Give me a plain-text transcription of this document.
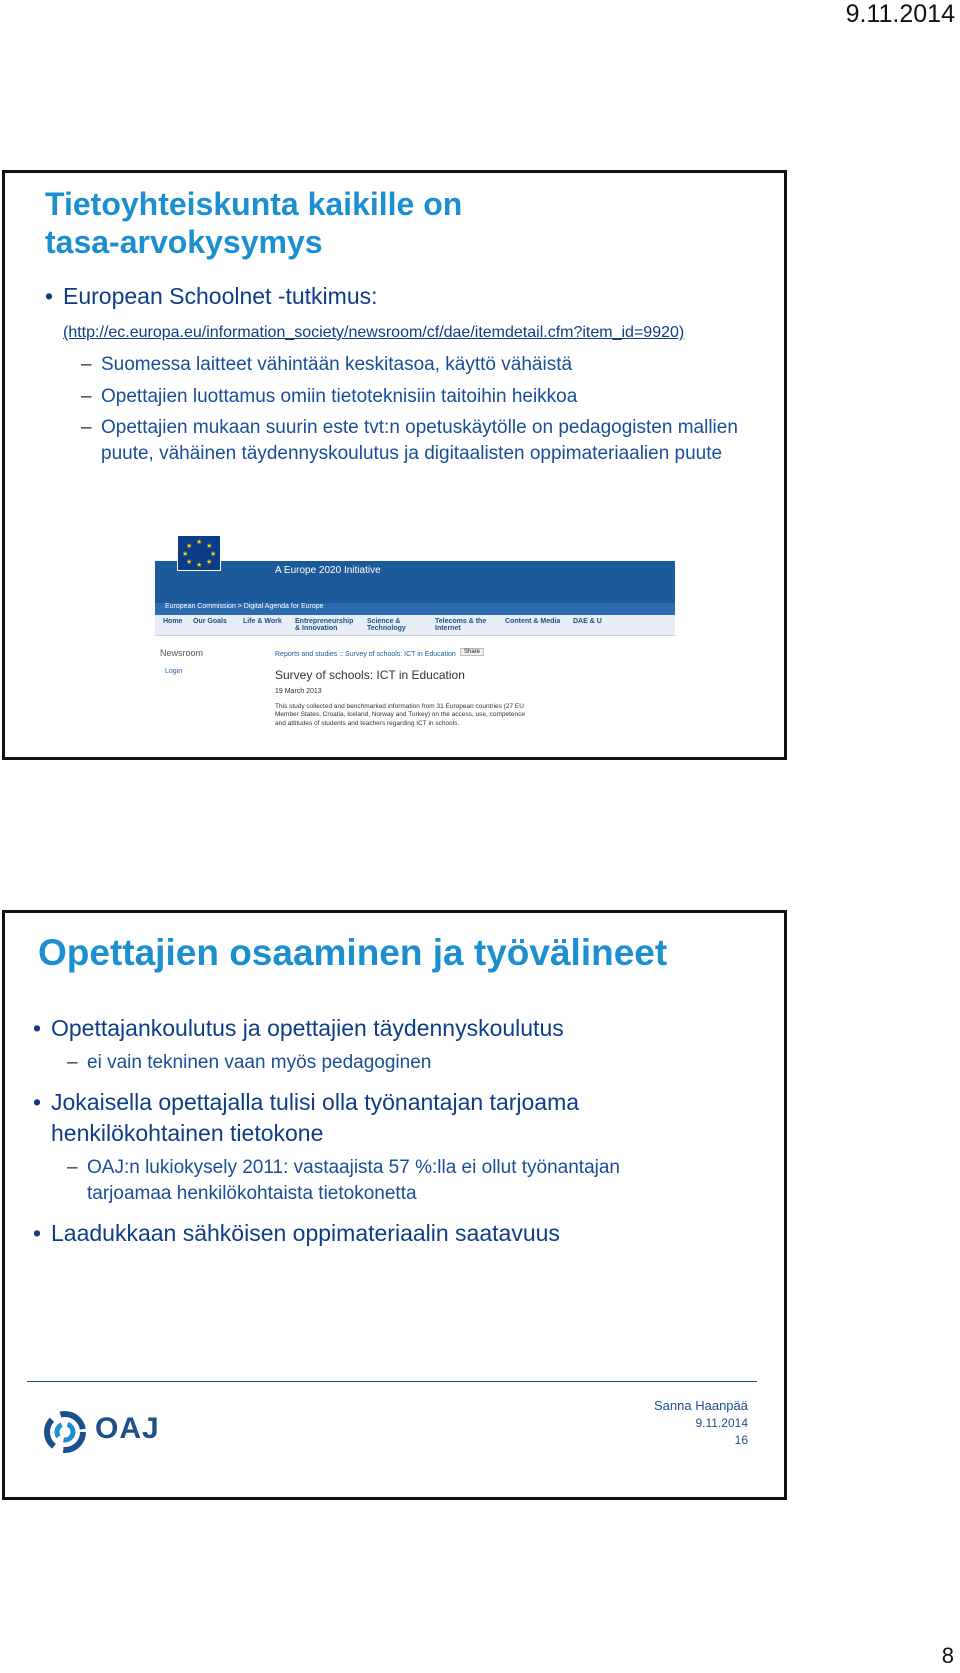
9.11.2014
Tietoyhteiskunta kaikille on tasa-arvokysymys
• European Schoolnet -tutkimus:
(http://ec.europa.eu/information_society/newsroom/cf/dae/itemdetail.cfm?item_id=9920)
– Suomessa laitteet vähintään keskitasoa, käyttö vähäistä
– Opettajien luottamus omiin tietoteknisiin taitoihin heikkoa
– Opettajien mukaan suurin este tvt:n opetuskäytölle on pedagogisten mallien puute, vähäinen täydennyskoulutus ja digitaalisten oppimateriaalien puute
★
★
★
★
★
★
★
★
DIGITAL AGENDA FOR EUROPE
A Europe 2020 Initiative
European Commission > Digital Agenda for Europe
Home Our Goals Life & Work Entrepreneurship & Innovation
Science & Technology
Telecoms & the Internet
Content & Media DAE & U
Newsroom
Login
Reports and studies :: Survey of schools: ICT in Education	Share
Survey of schools: ICT in Education
19 March 2013
This study collected and benchmarked information from 31 European countries (27 EU Member States, Croatia, Iceland, Norway and Turkey) on the access, use, competence and attitudes of students and teachers regarding ICT in schools.
Opettajien osaaminen ja työvälineet
• Opettajankoulutus ja opettajien täydennyskoulutus
– ei vain tekninen vaan myös pedagoginen
• Jokaisella opettajalla tulisi olla työnantajan tarjoama henkilökohtainen tietokone
– OAJ:n lukiokysely 2011: vastaajista 57 %:lla ei ollut työnantajan tarjoamaa henkilökohtaista tietokonetta
• Laadukkaan sähköisen oppimateriaalin saatavuus
OAJ
Sanna Haanpää
9.11.2014
16
8
